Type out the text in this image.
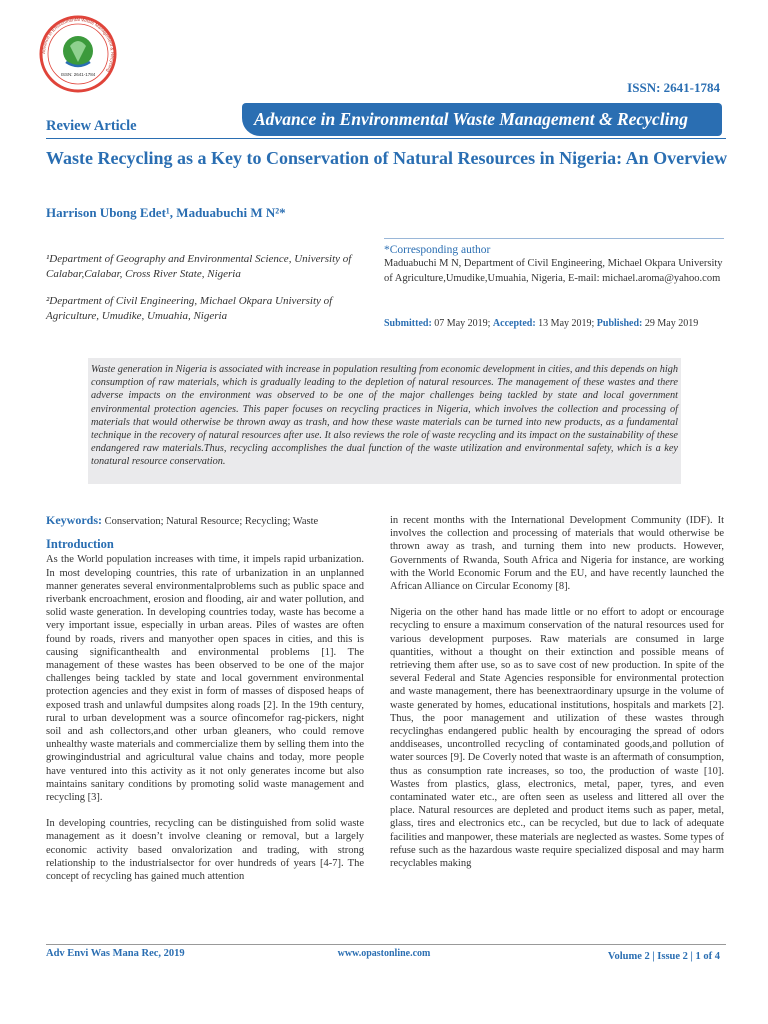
Advance in Environmental Waste Management & Recycling
ISSN: 2641-1784
ISSN: 2641-1784
Review Article	Advance in Environmental Waste Management & Recycling
Waste Recycling as a Key to Conservation of Natural Resources in Nigeria: An Overview
Harrison Ubong Edet¹, Maduabuchi M N²*
¹Department of Geography and Environmental Science, University of Calabar,Calabar, Cross River State, Nigeria
²Department of Civil Engineering, Michael Okpara University of Agriculture, Umudike, Umuahia, Nigeria
*Corresponding author
Maduabuchi M N, Department of Civil Engineering, Michael Okpara University of Agriculture,Umudike,Umuahia, Nigeria, E-mail: michael.aroma@yahoo.com
Submitted: 07 May 2019; Accepted: 13 May 2019; Published: 29 May 2019
Waste generation in Nigeria is associated with increase in population resulting from economic development in cities, and this depends on high consumption of raw materials, which is gradually leading to the depletion of natural resources. The management of these wastes and there adverse impacts on the environment was observed to be one of the major challenges being tackled by state and local government environmental protection agencies. This paper focuses on recycling practices in Nigeria, which involves the collection and processing of materials that would otherwise be thrown away as trash, and how these waste materials can be turned into new products, as a fundamental technique in the recovery of natural resources after use. It also reviews the role of waste recycling and its impact on the sustainability of these endangered raw materials.Thus, recycling accomplishes the dual function of the waste utilization and environmental safety, which is a key tonatural resource conservation.

Keywords: Conservation; Natural Resource; Recycling; Waste

Introduction

As the World population increases with time, it impels rapid urbanization. In most developing countries, this rate of urbanization in an unplanned manner generates several environmentalproblems such as public space and riverbank encroachment, erosion and flooding, air and water pollution, and solid waste generation. In developing countries today, waste has become a very important issue, especially in urban areas. Piles of wastes are often found by roads, rivers and manyother open spaces in cities, and this is causing significanthealth and environmental problems [1]. The management of these wastes has been observed to be one of the major challenges being tackled by state and local government environmental protection agencies and they exist in form of masses of disposed heaps of exposed trash and unlawful dumpsites along roads [2]. In the 19th century, rural to urban development was a source ofincomefor rag-pickers, night soil and ash collectors,and other urban gleaners, who could remove unhealthy waste materials and commercialize them by selling them into the growingindustrial and agricultural value chains and today, more people have ventured into this activity as it not only generates income but also maintains sanitary conditions by promoting solid waste management and recycling [3].

In developing countries, recycling can be distinguished from solid waste management as it doesn’t involve cleaning or removal, but a largely economic activity based onvalorization and trading, with strong relationship to the industrialsector for over hundreds of years [4-7]. The concept of recycling has gained much attention

in recent months with the International Development Community (IDF). It involves the collection and processing of materials that would otherwise be thrown away as trash, and turning them into new products. However, Governments of Rwanda, South Africa and Nigeria for instance, are working with the World Economic Forum and the EU, and have recently launched the African Alliance on Circular Economy [8].

Nigeria on the other hand has made little or no effort to adopt or encourage recycling to ensure a maximum conservation of the natural resources used for various development purposes. Raw materials are consumed in large quantities, without a thought on their extinction and possible means of retrieving them after use, so as to save cost of new production. In spite of the several Federal and State Agencies responsible for environmental protection and waste management, there has beenextraordinary upsurge in the volume of waste generated by homes, educational institutions, hospitals and markets [2]. Thus, the poor management and utilization of these wastes through recyclinghas endangered public health by encouraging the spread of odors anddiseases, uncontrolled recycling of contaminated goods,and pollution of water sources [9]. De Coverly noted that waste is an aftermath of consumption, thus as consumption rate increases, so too, the production of waste [10]. Wastes from plastics, glass, electronics, metal, paper, tyres, and even contaminated water etc., are often seen as useless and littered all over the place. Natural resources are depleted and product items such as paper, metal, glass, tires and electronics etc., can be recycled, but due to lack of adequate facilities and manpower, these materials are neglected as wastes. Some types of refuse such as the hazardous waste require specialized disposal and may harm recyclables making

Adv Envi Was Mana Rec, 2019	www.opastonline.com	Volume 2 | Issue 2 | 1 of 4
